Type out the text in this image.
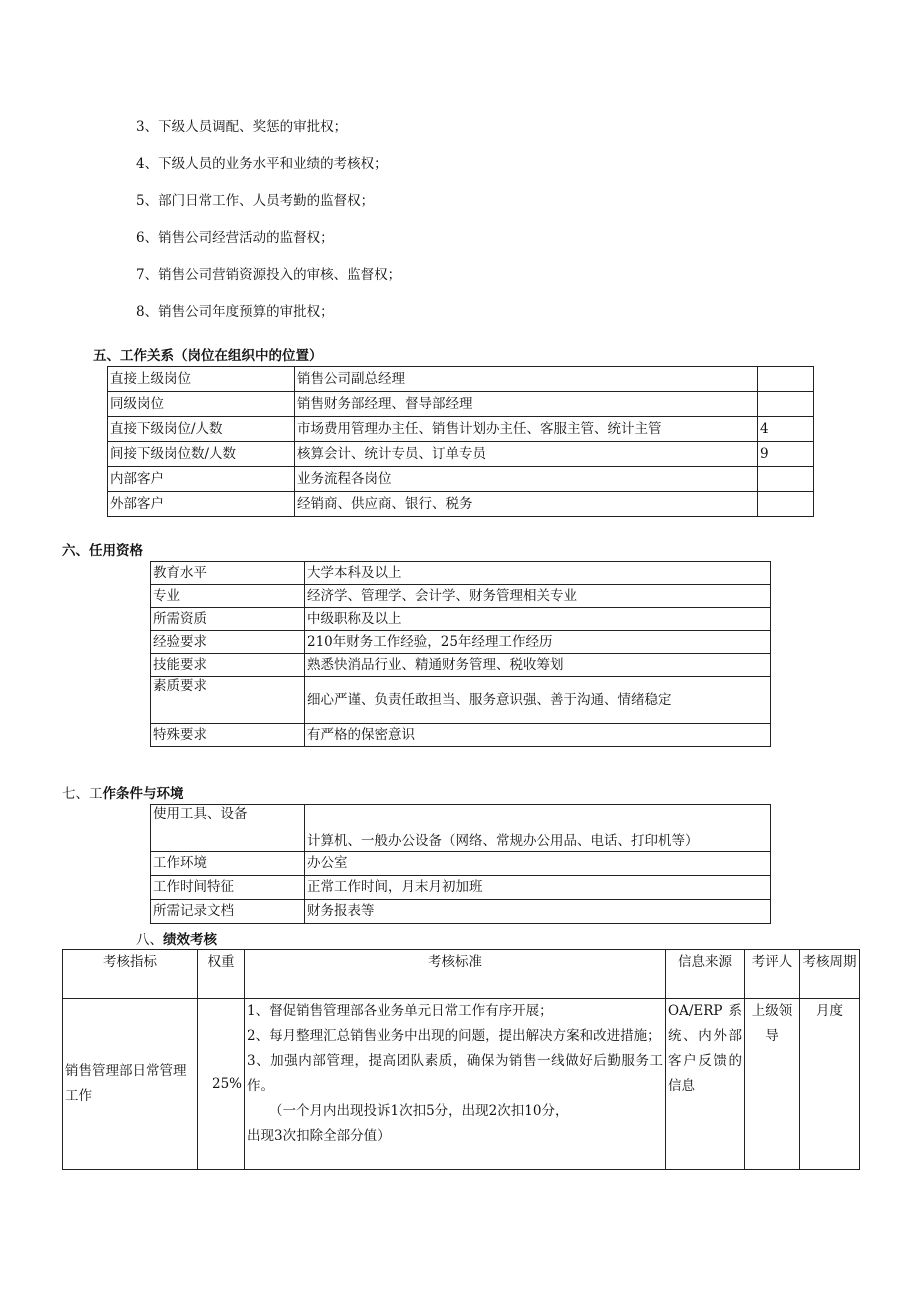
3、下级人员调配、奖惩的审批权；

4、下级人员的业务水平和业绩的考核权；

5、部门日常工作、人员考勤的监督权；

6、销售公司经营活动的监督权；

7、销售公司营销资源投入的审核、监督权；

8、销售公司年度预算的审批权；

五、工作关系（岗位在组织中的位置）

直接上级岗位	销售公司副总经理	
同级岗位	销售财务部经理、督导部经理	
直接下级岗位/人数	市场费用管理办主任、销售计划办主任、客服主管、统计主管	4
间接下级岗位数/人数	核算会计、统计专员、订单专员	9
内部客户	业务流程各岗位	
外部客户	经销商、供应商、银行、税务	

六、任用资格

教育水平	大学本科及以上
专业	经济学、管理学、会计学、财务管理相关专业
所需资质	中级职称及以上
经验要求	210年财务工作经验，25年经理工作经历
技能要求	熟悉快消品行业、精通财务管理、税收筹划
素质要求	细心严谨、负责任敢担当、服务意识强、善于沟通、情绪稳定
特殊要求	有严格的保密意识

七、工作条件与环境

使用工具、设备	计算机、一般办公设备（网络、常规办公用品、电话、打印机等）
工作环境	办公室
工作时间特征	正常工作时间，月末月初加班
所需记录文档	财务报表等

八、绩效考核

考核指标	权重	考核标准	信息来源	考评人	考核周期
销售管理部日常管理工作	25%	1、督促销售管理部各业务单元日常工作有序开展；
2、每月整理汇总销售业务中出现的问题，提出解决方案和改进措施；
3、加强内部管理，提高团队素质，确保为销售一线做好后勤服务工作。
（一个月内出现投诉1次扣5分，出现2次扣10分，
出现3次扣除全部分值）	OA/ERP 系统、内外部客户反馈的信息	上级领导	月度
